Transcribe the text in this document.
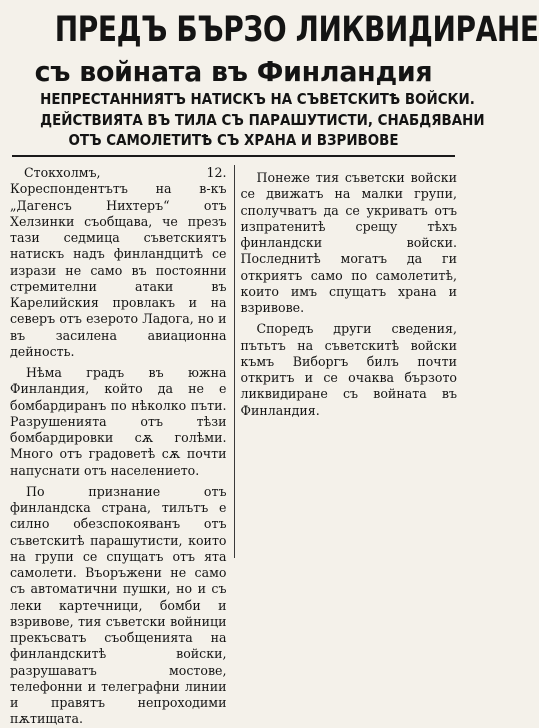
ПРЕДЪ БЪРЗО ЛИКВИДИРАНЕ
съ войната въ Финландия
НЕПРЕСТАННИЯТЪ НАТИСКЪ НА СЪВЕТСКИТѢ ВОЙСКИ.
ДЕЙСТВИЯТА ВЪ ТИЛА СЪ ПАРАШУТИСТИ, СНАБДЯВАНИ
ОТЪ САМОЛЕТИТѢ СЪ ХРАНА И ВЗРИВОВЕ

Стокхолмъ, 12. Кореспондентътъ на в-къ „Дагенсъ Нихтеръ“ отъ Хелзинки съобщава, че презъ тази седмица съветскиятъ натискъ надъ финландцитѣ се изрази не само въ постоянни стремителни атаки въ Карелийския провлакъ и на северъ отъ езерото Ладога, но и въ засилена авиационна дейность.

Нѣма градъ въ южна Финландия, който да не е бомбардиранъ по нѣколко пъти. Разрушенията отъ тѣзи бомбардировки сѫ голѣми. Много отъ градоветѣ сѫ почти напуснати отъ населението.

По признание отъ финландска страна, тилътъ е силно обезспокояванъ отъ съветскитѣ парашутисти, които на групи се спущатъ отъ ята самолети. Въоръжени не само съ автоматични пушки, но и съ леки картечници, бомби и взривове, тия съветски войници прекъсватъ съобщенията на финландскитѣ войски, разрушаватъ мостове, телефонни и телеграфни линии и правятъ непроходими пѫтищата.

Понеже тия съветски войски се движатъ на малки групи, сполучватъ да се укриватъ отъ изпратенитѣ срещу тѣхъ финландски войски. Последнитѣ могатъ да ги откриятъ само по самолетитѣ, които имъ спущатъ храна и взривове.

Споредъ други сведения, пътьтъ на съветскитѣ войски къмъ Виборгъ билъ почти откритъ и се очаква бързото ликвидиране съ войната въ Финландия.
